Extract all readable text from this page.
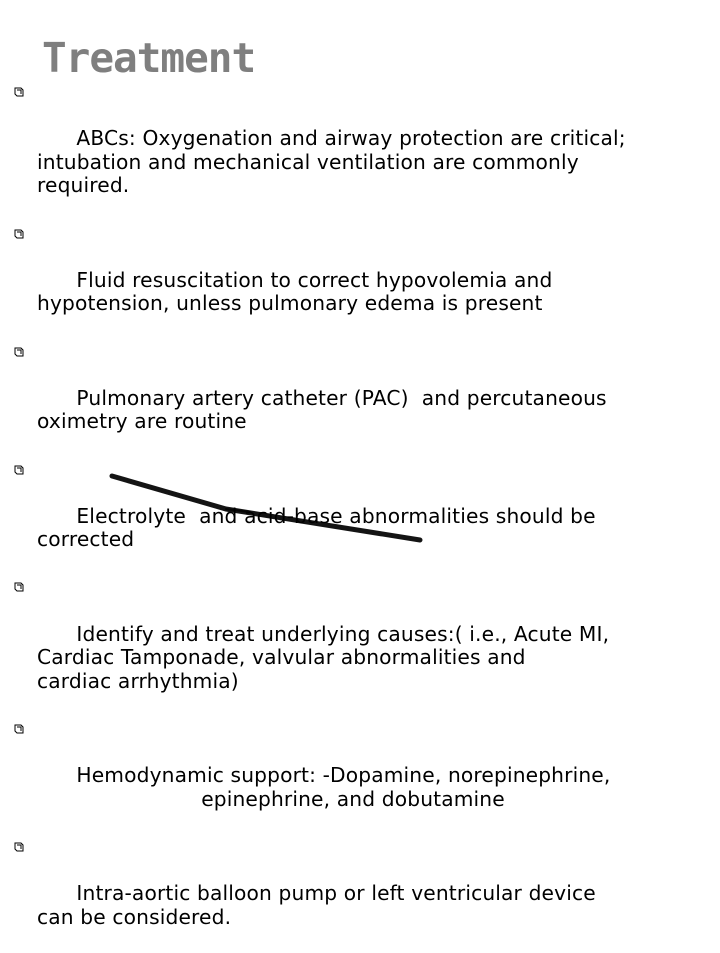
Treatment

ABCs: Oxygenation and airway protection are critical;
intubation and mechanical ventilation are commonly
required.

Fluid resuscitation to correct hypovolemia and
hypotension, unless pulmonary edema is present

Pulmonary artery catheter (PAC)  and percutaneous
oximetry are routine

Electrolyte  and acid-base abnormalities should be
corrected

Identify and treat underlying causes:( i.e., Acute MI,
Cardiac Tamponade, valvular abnormalities and
cardiac arrhythmia)

Hemodynamic support: -Dopamine, norepinephrine,
epinephrine, and dobutamine

Intra-aortic balloon pump or left ventricular device
can be considered.
